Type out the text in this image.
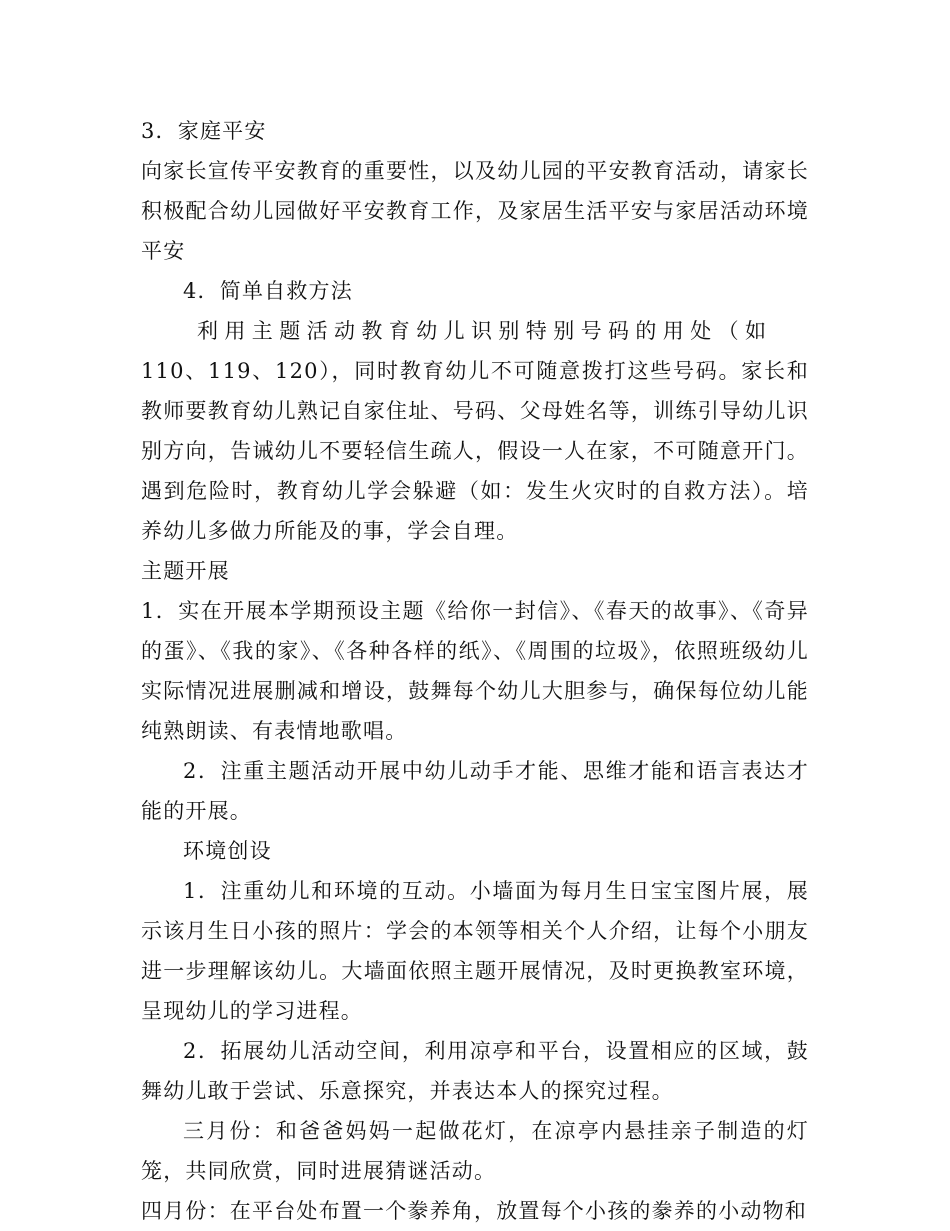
3．家庭平安

向家长宣传平安教育的重要性，以及幼儿园的平安教育活动，请家长积极配合幼儿园做好平安教育工作，及家居生活平安与家居活动环境平安

4．简单自救方法

利用主题活动教育幼儿识别特别号码的用处（如

110、119、120），同时教育幼儿不可随意拨打这些号码。家长和教师要教育幼儿熟记自家住址、号码、父母姓名等，训练引导幼儿识别方向，告诫幼儿不要轻信生疏人，假设一人在家，不可随意开门。遇到危险时，教育幼儿学会躲避（如：发生火灾时的自救方法）。培养幼儿多做力所能及的事，学会自理。

主题开展

1．实在开展本学期预设主题《给你一封信》、《春天的故事》、《奇异的蛋》、《我的家》、《各种各样的纸》、《周围的垃圾》，依照班级幼儿实际情况进展删减和增设，鼓舞每个幼儿大胆参与，确保每位幼儿能纯熟朗读、有表情地歌唱。

2．注重主题活动开展中幼儿动手才能、思维才能和语言表达才能的开展。

环境创设

1．注重幼儿和环境的互动。小墙面为每月生日宝宝图片展，展示该月生日小孩的照片：学会的本领等相关个人介绍，让每个小朋友进一步理解该幼儿。大墙面依照主题开展情况，及时更换教室环境，呈现幼儿的学习进程。

2．拓展幼儿活动空间，利用凉亭和平台，设置相应的区域，鼓舞幼儿敢于尝试、乐意探究，并表达本人的探究过程。

三月份：和爸爸妈妈一起做花灯，在凉亭内悬挂亲子制造的灯笼，共同欣赏，同时进展猜谜活动。

四月份：在平台处布置一个豢养角，放置每个小孩的豢养的小动物和
